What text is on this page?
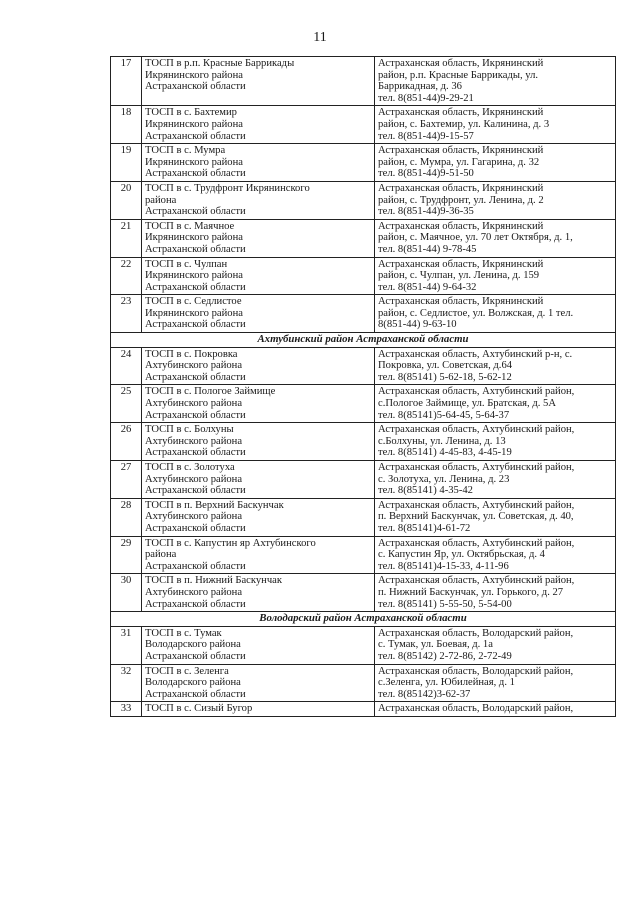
11
17	ТОСП в р.п. Красные Баррикады
Икрянинского района
Астраханской области	Астраханская область, Икрянинский
район, р.п. Красные Баррикады, ул.
Баррикадная, д. 36
тел. 8(851-44)9-29-21

18	ТОСП в с. Бахтемир
Икрянинского района
Астраханской области	Астраханская область, Икрянинский
район, с. Бахтемир, ул. Калинина, д. 3
тел. 8(851-44)9-15-57

19	ТОСП в с. Мумра
Икрянинского района
Астраханской области	Астраханская область, Икрянинский
район, с. Мумра, ул. Гагарина, д. 32
тел. 8(851-44)9-51-50

20	ТОСП в с. Трудфронт Икрянинского
района
Астраханской области	Астраханская область, Икрянинский
район, с. Трудфронт, ул. Ленина, д. 2
тел. 8(851-44)9-36-35

21	ТОСП в с. Маячное
Икрянинского района
Астраханской области	Астраханская область, Икрянинский
район, с. Маячное, ул. 70 лет Октября, д. 1,
тел. 8(851-44) 9-78-45

22	ТОСП в с. Чулпан
Икрянинского района
Астраханской области	Астраханская область, Икрянинский
район, с. Чулпан, ул. Ленина, д. 159
тел. 8(851-44) 9-64-32

23	ТОСП в с. Седлистое
Икрянинского района
Астраханской области	Астраханская область, Икрянинский
район, с. Седлистое, ул. Волжская, д. 1 тел.
8(851-44) 9-63-10

Ахтубинский район Астраханской области		
24	ТОСП в с. Покровка
Ахтубинского района
Астраханской области	Астраханская область, Ахтубинский р-н, с.
Покровка, ул. Советская, д.64
тел. 8(85141) 5-62-18, 5-62-12

25	ТОСП в с. Пологое Займище
Ахтубинского района
Астраханской области	Астраханская область, Ахтубинский район,
с.Пологое Займище, ул. Братская, д. 5А
тел. 8(85141)5-64-45, 5-64-37

26	ТОСП в с. Болхуны
Ахтубинского района
Астраханской области	Астраханская область, Ахтубинский район,
с.Болхуны, ул. Ленина, д. 13
тел. 8(85141) 4-45-83, 4-45-19

27	ТОСП в с. Золотуха
Ахтубинского района
Астраханской области	Астраханская область, Ахтубинский район,
с. Золотуха, ул. Ленина, д. 23
тел. 8(85141) 4-35-42

28	ТОСП в п. Верхний Баскунчак
Ахтубинского района
Астраханской области	Астраханская область, Ахтубинский район,
п. Верхний Баскунчак, ул. Советская, д. 40,
тел. 8(85141)4-61-72

29	ТОСП в с. Капустин яр Ахтубинского
района
Астраханской области	Астраханская область, Ахтубинский район,
с. Капустин Яр, ул. Октябрьская, д. 4
тел. 8(85141)4-15-33, 4-11-96

30	ТОСП в п. Нижний Баскунчак
Ахтубинского района
Астраханской области	Астраханская область, Ахтубинский район,
п. Нижний Баскунчак, ул. Горького, д. 27
тел. 8(85141) 5-55-50, 5-54-00

Володарский район Астраханской области		
31	ТОСП в с. Тумак
Володарского района
Астраханской области	Астраханская область, Володарский район,
с. Тумак, ул. Боевая, д. 1а
тел. 8(85142) 2-72-86, 2-72-49

32	ТОСП в с. Зеленга
Володарского района
Астраханской области	Астраханская область, Володарский район,
с.Зеленга, ул. Юбилейная, д. 1
тел. 8(85142)3-62-37

33	ТОСП в с. Сизый Бугор	Астраханская область, Володарский район,
